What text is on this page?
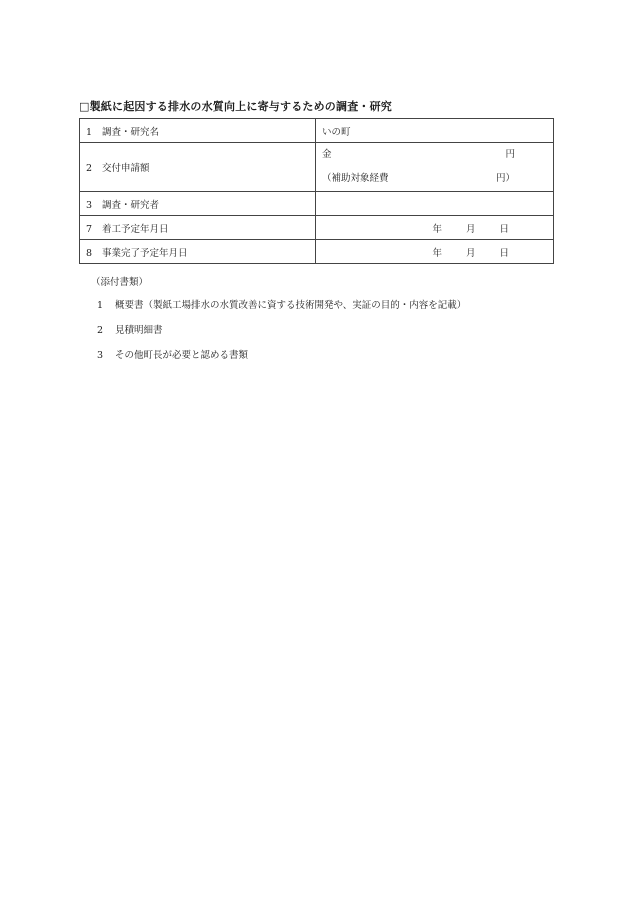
□製紙に起因する排水の水質向上に寄与するための調査・研究
1 調査・研究名	いの町
2 交付申請額	金 円
（補助対象経費 円）

3 調査・研究者	
7 着工予定年月日	年 月 日
8 事業完了予定年月日	年 月 日
（添付書類）
1 概要書（製紙工場排水の水質改善に資する技術開発や、実証の目的・内容を記載）
2 見積明細書
3 その他町長が必要と認める書類
